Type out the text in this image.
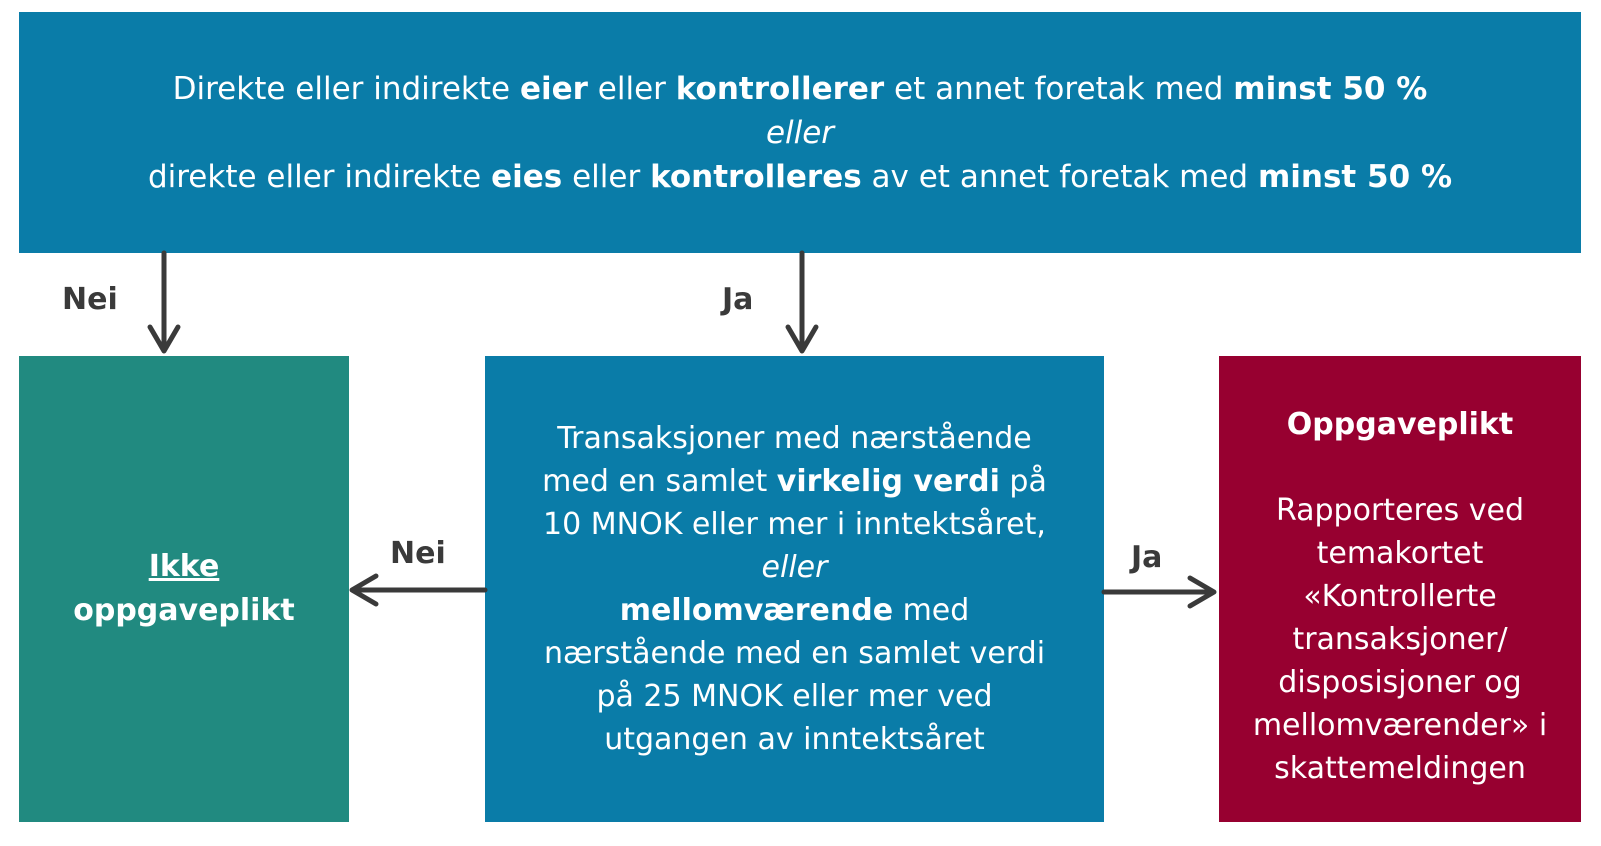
Direkte eller indirekte eier eller kontrollerer et annet foretak med minst 50 %
eller
direkte eller indirekte eies eller kontrolleres av et annet foretak med minst 50 %
Ikke
oppgaveplikt
Transaksjoner med nærstående
med en samlet virkelig verdi på
10 MNOK eller mer i inntektsåret,
eller
mellomværende med
nærstående med en samlet verdi
på 25 MNOK eller mer ved
utgangen av inntektsåret
Oppgaveplikt
Rapporteres ved
temakortet
«Kontrollerte
transaksjoner/
disposisjoner og
mellomværender» i
skattemeldingen
Nei	Ja
Nei	Ja
